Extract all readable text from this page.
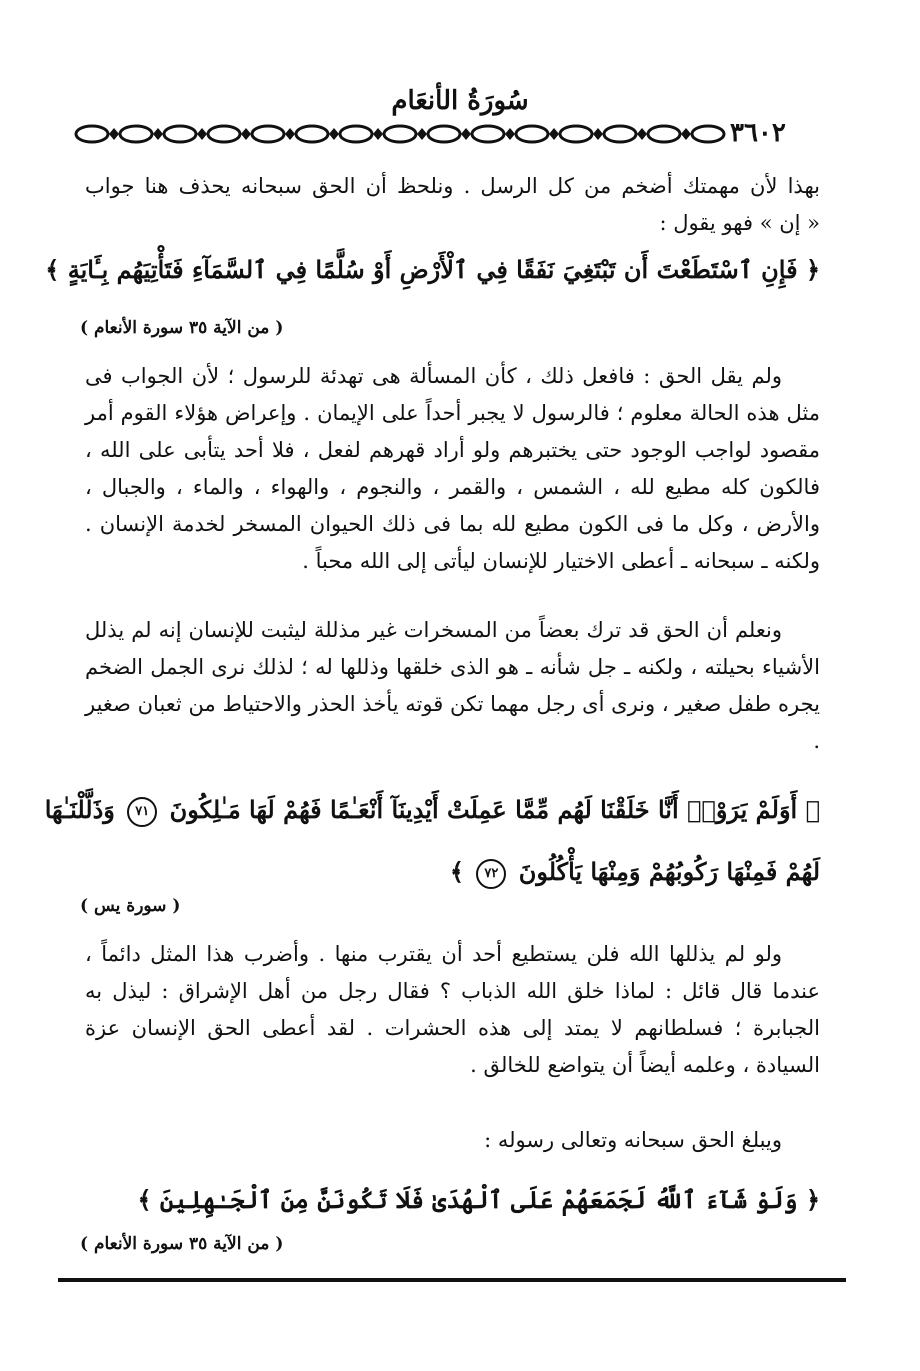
سُورَةُ الأنعَام
٣٦٠٢

بهذا لأن مهمتك أضخم من كل الرسل . ونلحظ أن الحق سبحانه يحذف هنا جواب

« إن » فهو يقول :

﴿ فَإِنِ ٱسْتَطَعْتَ أَن تَبْتَغِيَ نَفَقًا فِي ٱلْأَرْضِ أَوْ سُلَّمًا فِي ٱلسَّمَآءِ فَتَأْتِيَهُم بِـَٔايَةٍ ﴾
( من الآية ٣٥ سورة الأنعام )

ولم يقل الحق : فافعل ذلك ، كأن المسألة هى تهدئة للرسول ؛ لأن الجواب فى مثل هذه الحالة معلوم ؛ فالرسول لا يجبر أحداً على الإيمان . وإعراض هؤلاء القوم أمر مقصود لواجب الوجود حتى يختبرهم ولو أراد قهرهم لفعل ، فلا أحد يتأبى على الله ، فالكون كله مطيع لله ، الشمس ، والقمر ، والنجوم ، والهواء ، والماء ، والجبال ، والأرض ، وكل ما فى الكون مطيع لله بما فى ذلك الحيوان المسخر لخدمة الإنسان . ولكنه ـ سبحانه ـ أعطى الاختيار للإنسان ليأتى إلى الله محباً .

ونعلم أن الحق قد ترك بعضاً من المسخرات غير مذللة ليثبت للإنسان إنه لم يذلل الأشياء بحيلته ، ولكنه ـ جل شأنه ـ هو الذى خلقها وذللها له ؛ لذلك نرى الجمل الضخم يجره طفل صغير ، ونرى أى رجل مهما تكن قوته يأخذ الحذر والاحتياط من ثعبان صغير .

﴿ أَوَلَمْ يَرَوْا۟ أَنَّا خَلَقْنَا لَهُم مِّمَّا عَمِلَتْ أَيْدِينَآ أَنْعَـٰمًا فَهُمْ لَهَا مَـٰلِكُونَ ٧١ وَذَلَّلْنَـٰهَا
لَهُمْ فَمِنْهَا رَكُوبُهُمْ وَمِنْهَا يَأْكُلُونَ ٧٢ ﴾
( سورة يس )

ولو لم يذللها الله فلن يستطيع أحد أن يقترب منها . وأضرب هذا المثل دائماً ، عندما قال قائل : لماذا خلق الله الذباب ؟ فقال رجل من أهل الإشراق : ليذل به الجبابرة ؛ فسلطانهم لا يمتد إلى هذه الحشرات . لقد أعطى الحق الإنسان عزة السيادة ، وعلمه أيضاً أن يتواضع للخالق .

ويبلغ الحق سبحانه وتعالى رسوله :

﴿ وَلَوْ شَآءَ ٱللَّهُ لَجَمَعَهُمْ عَلَى ٱلْهُدَىٰ فَلَا تَكُونَنَّ مِنَ ٱلْجَـٰهِلِينَ ﴾
( من الآية ٣٥ سورة الأنعام )
